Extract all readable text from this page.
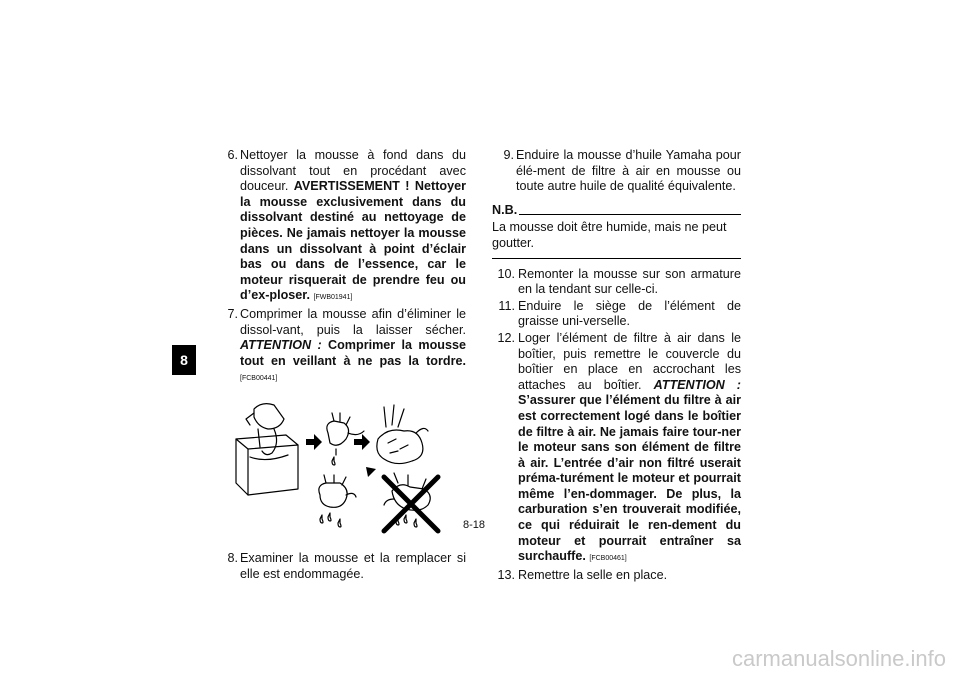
8
6. Nettoyer la mousse à fond dans du dissolvant tout en procédant avec douceur. AVERTISSEMENT ! Nettoyer la mousse exclusivement dans du dissolvant destiné au nettoyage de pièces. Ne jamais nettoyer la mousse dans un dissolvant à point d’éclair bas ou dans de l’essence, car le moteur risquerait de prendre feu ou d’ex-ploser. [FWB01941]
7. Comprimer la mousse afin d’éliminer le dissol-vant, puis la laisser sécher. ATTENTION : Comprimer la mousse tout en veillant à ne pas la tordre. [FCB00441]
8. Examiner la mousse et la remplacer si elle est endommagée.
9. Enduire la mousse d’huile Yamaha pour élé-ment de filtre à air en mousse ou toute autre huile de qualité équivalente.
N.B.
La mousse doit être humide, mais ne peut goutter.
10. Remonter la mousse sur son armature en la tendant sur celle-ci.
11. Enduire le siège de l’élément de graisse uni-verselle.
12. Loger l’élément de filtre à air dans le boîtier, puis remettre le couvercle du boîtier en place en accrochant les attaches au boîtier. ATTENTION : S’assurer que l’élément du filtre à air est correctement logé dans le boîtier de filtre à air. Ne jamais faire tour-ner le moteur sans son élément de filtre à air. L’entrée d’air non filtré userait préma-turément le moteur et pourrait même l’en-dommager. De plus, la carburation s’en trouverait modifiée, ce qui réduirait le ren-dement du moteur et pourrait entraîner sa surchauffe. [FCB00461]
13. Remettre la selle en place.
8-18
carmanualsonline.info
